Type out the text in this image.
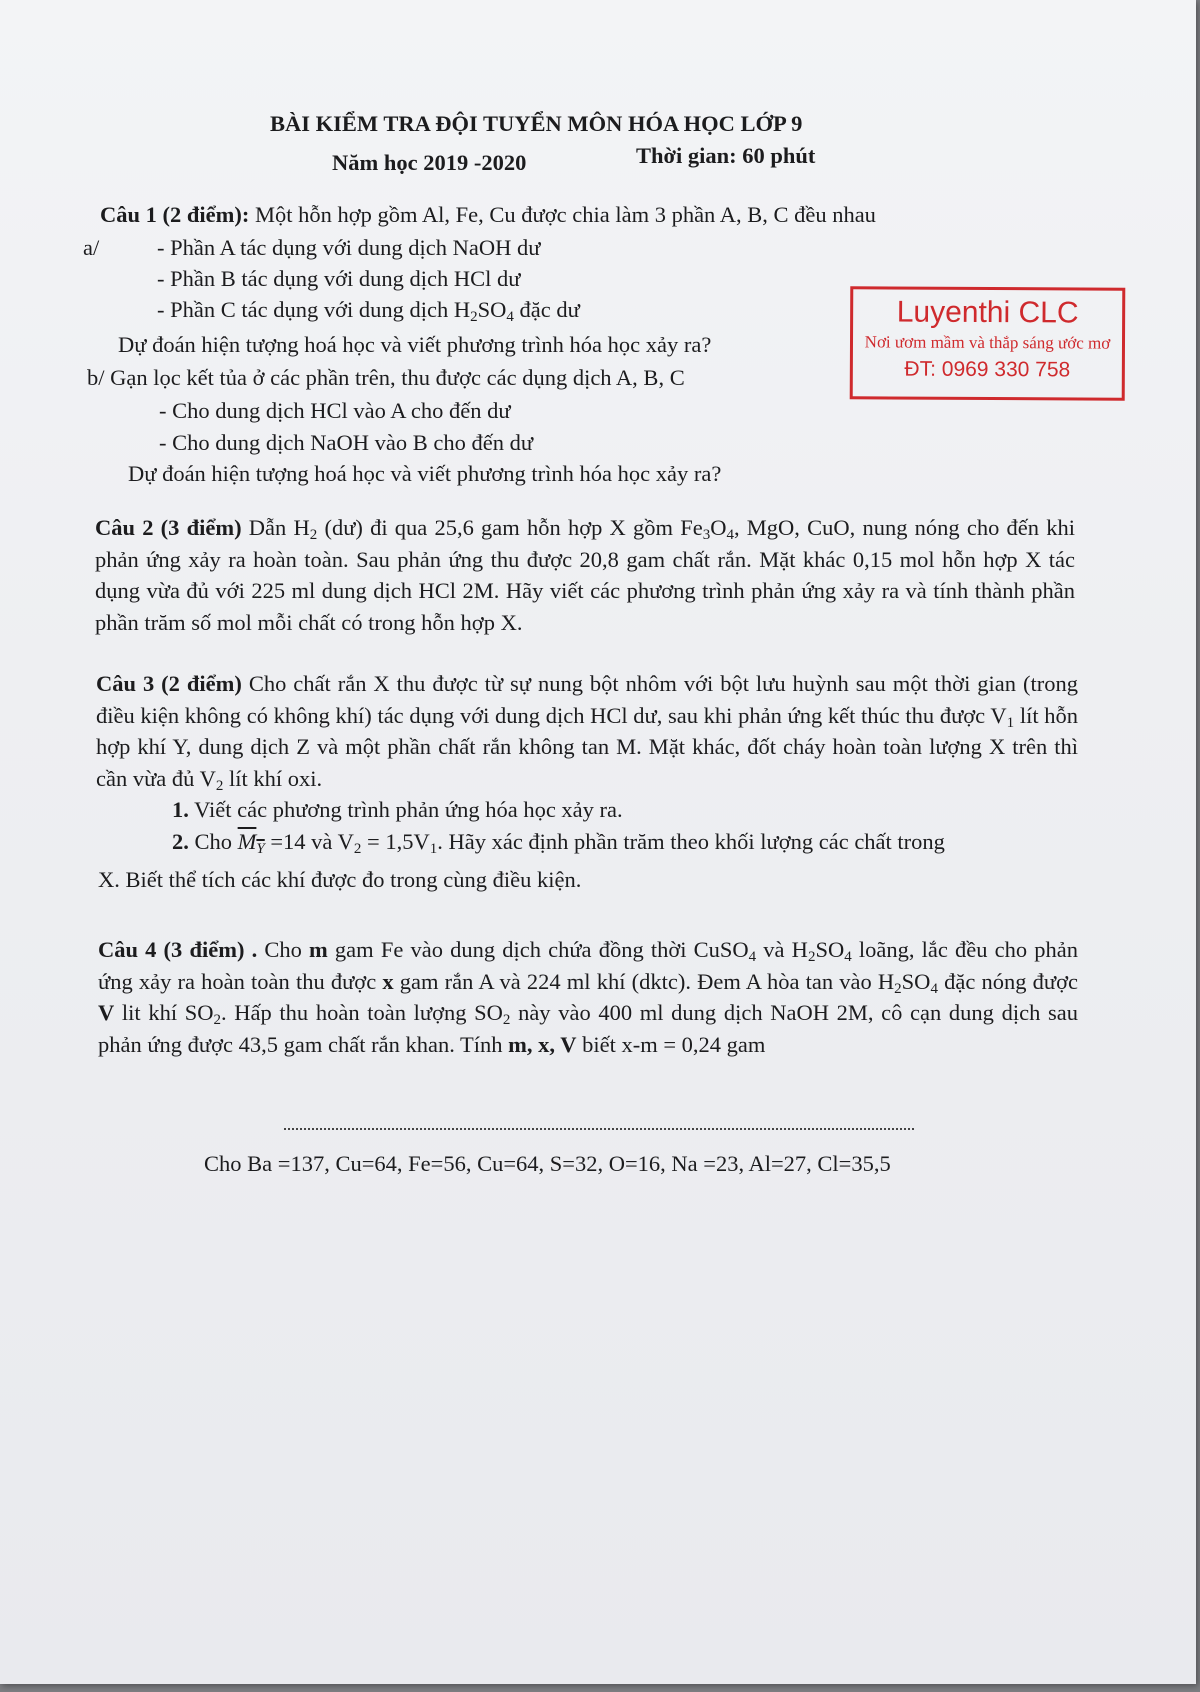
BÀI KIỂM TRA ĐỘI TUYỂN MÔN HÓA HỌC LỚP 9
Năm học 2019 -2020	Thời gian: 60 phút
Luyenthi CLC
Nơi ươm mầm và thắp sáng ước mơ
ĐT: 0969 330 758
Câu 1 (2 điểm): Một hỗn hợp gồm Al, Fe, Cu được chia làm 3 phần A, B, C đều nhau
a/	- Phần A tác dụng với dung dịch NaOH dư
- Phần B tác dụng với dung dịch HCl dư
- Phần C tác dụng với dung dịch $H_2SO_4$ đặc dư
Dự đoán hiện tượng hoá học và viết phương trình hóa học xảy ra?
b/ Gạn lọc kết tủa ở các phần trên, thu được các dụng dịch A, B, C
- Cho dung dịch HCl vào A cho đến dư
- Cho dung dịch NaOH vào B cho đến dư
Dự đoán hiện tượng hoá học và viết phương trình hóa học xảy ra?

Câu 2 (3 điểm) Dẫn $H_2$ (dư) đi qua 25,6 gam hỗn hợp X gồm $Fe_3O_4$, MgO, CuO, nung nóng cho đến khi phản ứng xảy ra hoàn toàn. Sau phản ứng thu được 20,8 gam chất rắn. Mặt khác 0,15 mol hỗn hợp X tác dụng vừa đủ với 225 ml dung dịch HCl 2M. Hãy viết các phương trình phản ứng xảy ra và tính thành phần phần trăm số mol mỗi chất có trong hỗn hợp X.

Câu 3 (2 điểm) Cho chất rắn X thu được từ sự nung bột nhôm với bột lưu huỳnh sau một thời gian (trong điều kiện không có không khí) tác dụng với dung dịch HCl dư, sau khi phản ứng kết thúc thu được $V_1$ lít hỗn hợp khí Y, dung dịch Z và một phần chất rắn không tan M. Mặt khác, đốt cháy hoàn toàn lượng X trên thì cần vừa đủ $V_2$ lít khí oxi.

1. Viết các phương trình phản ứng hóa học xảy ra.
2. Cho $M_Y =14$ và $V_2 = 1,5V_1$. Hãy xác định phần trăm theo khối lượng các chất trong
X. Biết thể tích các khí được đo trong cùng điều kiện.

Câu 4 (3 điểm) . Cho m gam Fe vào dung dịch chứa đồng thời CuSO$_4$ và $H_2SO_4$ loãng, lắc đều cho phản ứng xảy ra hoàn toàn thu được x gam rắn A và 224 ml khí (dktc). Đem A hòa tan vào $H_2SO_4$ đặc nóng được V lit khí $SO_2$. Hấp thu hoàn toàn lượng $SO_2$ này vào 400 ml dung dịch NaOH 2M, cô cạn dung dịch sau phản ứng được 43,5 gam chất rắn khan. Tính m, x, V biết x-m = 0,24 gam

Cho Ba =137, Cu=64, Fe=56, Cu=64, S=32, O=16, Na =23, Al=27, Cl=35,5
